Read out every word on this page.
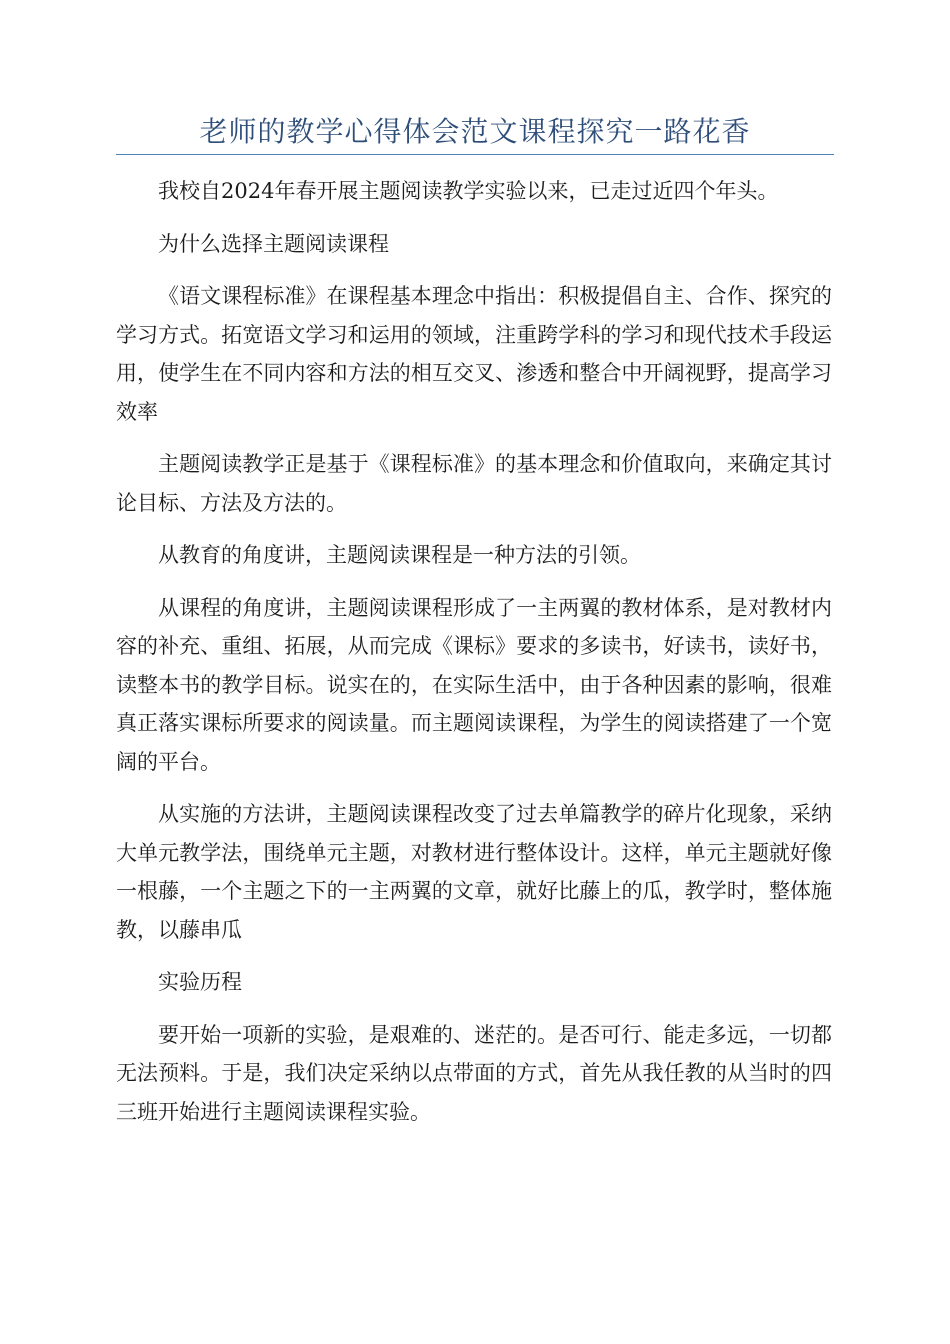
老师的教学心得体会范文课程探究一路花香

我校自2024年春开展主题阅读教学实验以来，已走过近四个年头。

为什么选择主题阅读课程

《语文课程标准》在课程基本理念中指出：积极提倡自主、合作、探究的学习方式。拓宽语文学习和运用的领域，注重跨学科的学习和现代技术手段运用，使学生在不同内容和方法的相互交叉、渗透和整合中开阔视野，提高学习效率

主题阅读教学正是基于《课程标准》的基本理念和价值取向，来确定其讨论目标、方法及方法的。

从教育的角度讲，主题阅读课程是一种方法的引领。

从课程的角度讲，主题阅读课程形成了一主两翼的教材体系，是对教材内容的补充、重组、拓展，从而完成《课标》要求的多读书，好读书，读好书，读整本书的教学目标。说实在的，在实际生活中，由于各种因素的影响，很难真正落实课标所要求的阅读量。而主题阅读课程，为学生的阅读搭建了一个宽阔的平台。

从实施的方法讲，主题阅读课程改变了过去单篇教学的碎片化现象，采纳大单元教学法，围绕单元主题，对教材进行整体设计。这样，单元主题就好像一根藤，一个主题之下的一主两翼的文章，就好比藤上的瓜，教学时，整体施教，以藤串瓜

实验历程

要开始一项新的实验，是艰难的、迷茫的。是否可行、能走多远，一切都无法预料。于是，我们决定采纳以点带面的方式，首先从我任教的从当时的四三班开始进行主题阅读课程实验。
